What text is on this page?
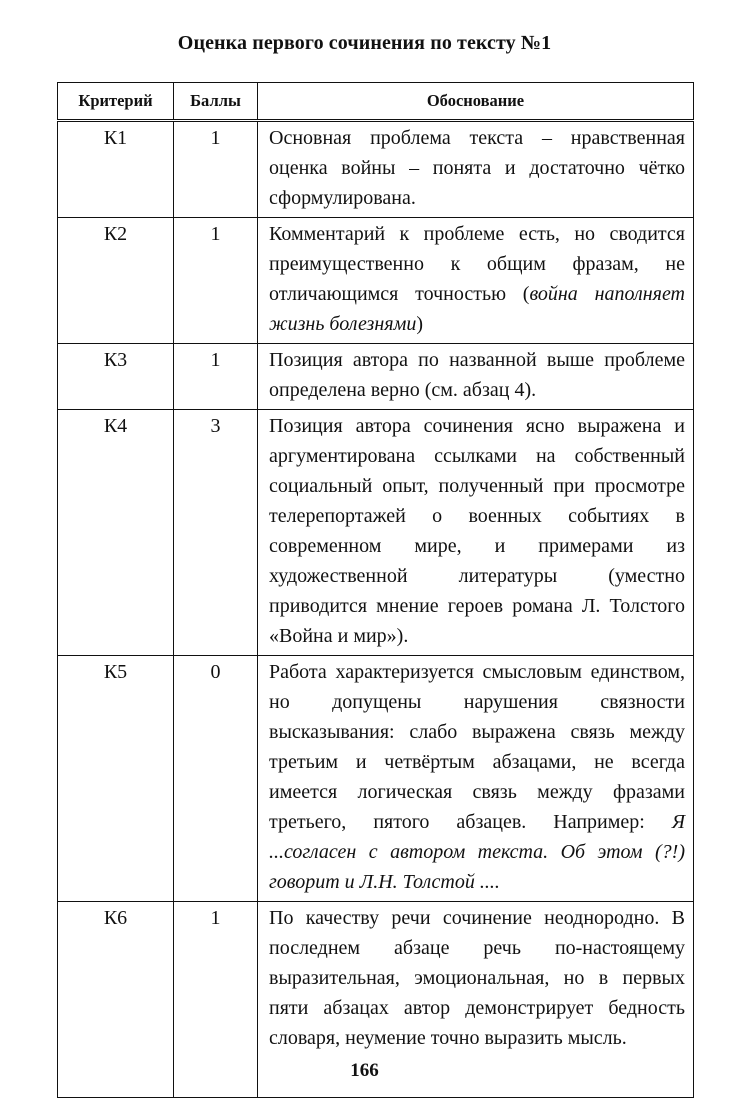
Оценка первого сочинения по тексту №1
Критерий	Баллы	Обоснование
К1	1	Основная проблема текста – нравственная оценка войны – понята и достаточно чётко сформулирована.
К2	1	Комментарий к проблеме есть, но сводится преимущественно к общим фразам, не отличающимся точностью (война наполняет жизнь болезнями)
К3	1	Позиция автора по названной выше проблеме определена верно (см. абзац 4).
К4	3	Позиция автора сочинения ясно выражена и аргументирована ссылками на собственный социальный опыт, полученный при просмотре телерепортажей о военных событиях в современном мире, и примерами из художественной литературы (уместно приводится мнение героев романа Л. Толстого «Война и мир»).
К5	0	Работа характеризуется смысловым единством, но допущены нарушения связности высказывания: слабо выражена связь между третьим и четвёртым абзацами, не всегда имеется логическая связь между фразами третьего, пятого абзацев. Например: Я ...согласен с автором текста. Об этом (?!) говорит и Л.Н. Толстой ....
К6	1	По качеству речи сочинение неоднородно. В последнем абзаце речь по-настоящему выразительная, эмоциональная, но в первых пяти абзацах автор демонстрирует бедность словаря, неумение точно выразить мысль.
166
